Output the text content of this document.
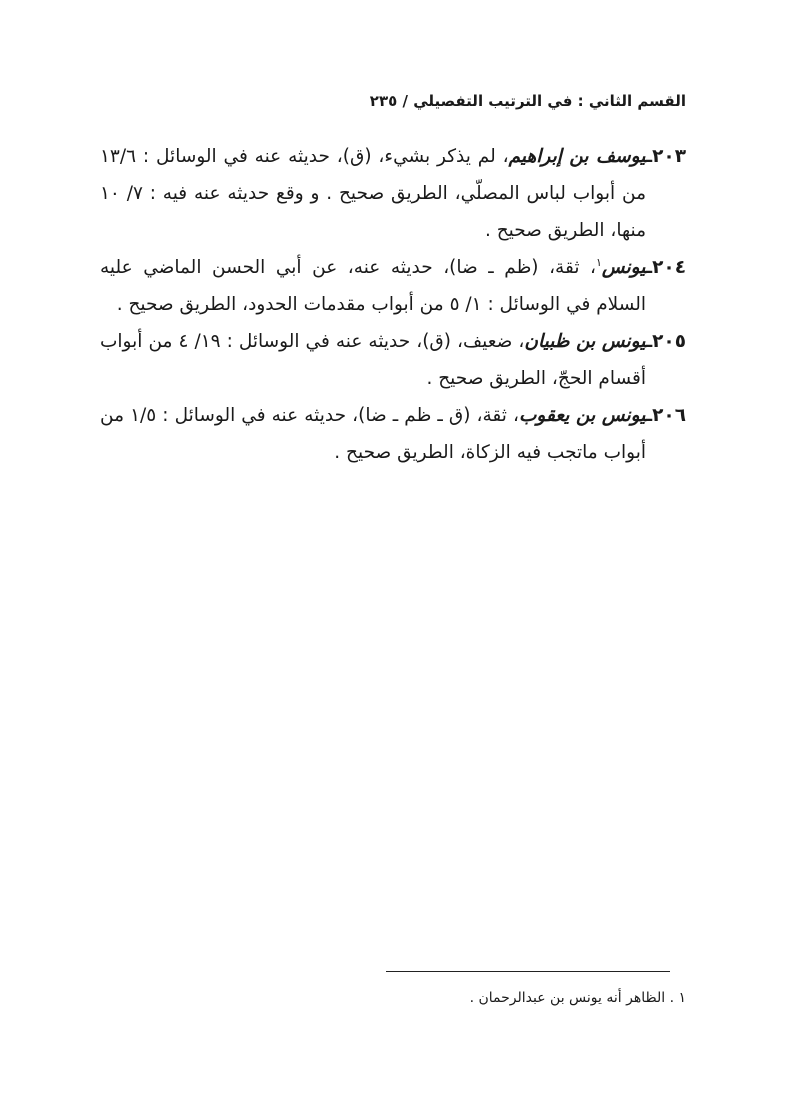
القسم الثاني : في الترتيب التفصيلي / ٢٣٥

٢٠٣ـيوسف بن إبراهيم، لم يذكر بشيء، (ق)، حديثه عنه في الوسائل : ١٣/٦ من أبواب لباس المصلّي، الطريق صحيح . و وقع حديثه عنه فيه : ٧/ ١٠ منها، الطريق صحيح .

٢٠٤ـيونس$^١$، ثقة، (ظم ـ ضا)، حديثه عنه، عن أبي الحسن الماضي عليه السلام في الوسائل : ١/ ٥ من أبواب مقدمات الحدود، الطريق صحيح .

٢٠٥ـيونس بن ظبيان، ضعيف، (ق)، حديثه عنه في الوسائل : ١٩/ ٤ من أبواب أقسام الحجّ، الطريق صحيح .

٢٠٦ـيونس بن يعقوب، ثقة، (ق ـ ظم ـ ضا)، حديثه عنه في الوسائل : ١/٥ من أبواب ماتجب فيه الزكاة، الطريق صحيح .

١ . الظاهر أنه يونس بن عبدالرحمان .
